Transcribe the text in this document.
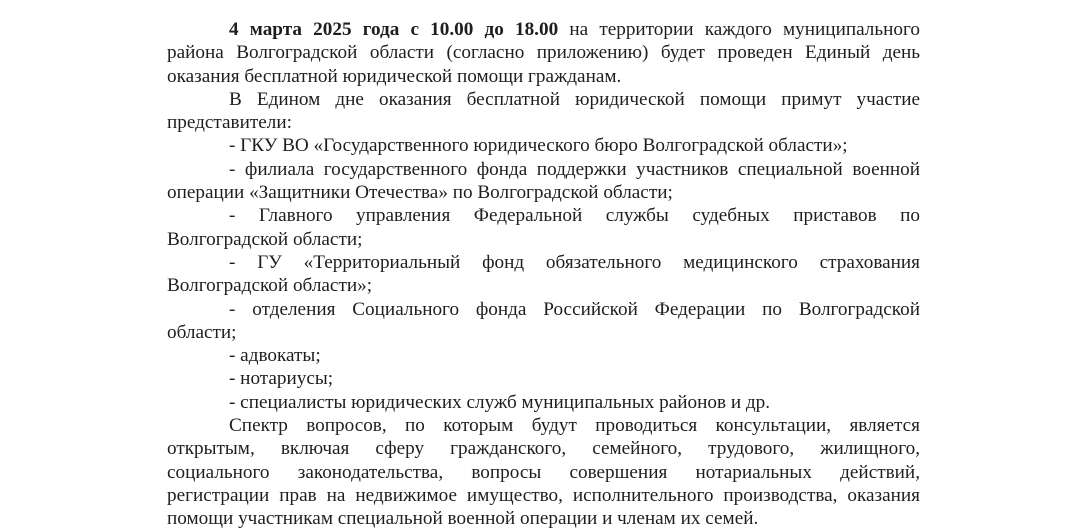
4 марта 2025 года с 10.00 до 18.00 на территории каждого муниципального
района Волгоградской области (согласно приложению) будет проведен Единый день
оказания бесплатной юридической помощи гражданам.

В Едином дне оказания бесплатной юридической помощи примут участие
представители:

- ГКУ ВО «Государственного юридического бюро Волгоградской области»;

- филиала государственного фонда поддержки участников специальной военной
операции «Защитники Отечества» по Волгоградской области;

- Главного управления Федеральной службы судебных приставов по
Волгоградской области;

- ГУ «Территориальный фонд обязательного медицинского страхования
Волгоградской области»;

- отделения Социального фонда Российской Федерации по Волгоградской
области;

- адвокаты;

- нотариусы;

- специалисты юридических служб муниципальных районов и др.

Спектр вопросов, по которым будут проводиться консультации, является
открытым, включая сферу гражданского, семейного, трудового, жилищного,
социального законодательства, вопросы совершения нотариальных действий,
регистрации прав на недвижимое имущество, исполнительного производства, оказания
помощи участникам специальной военной операции и членам их семей.
